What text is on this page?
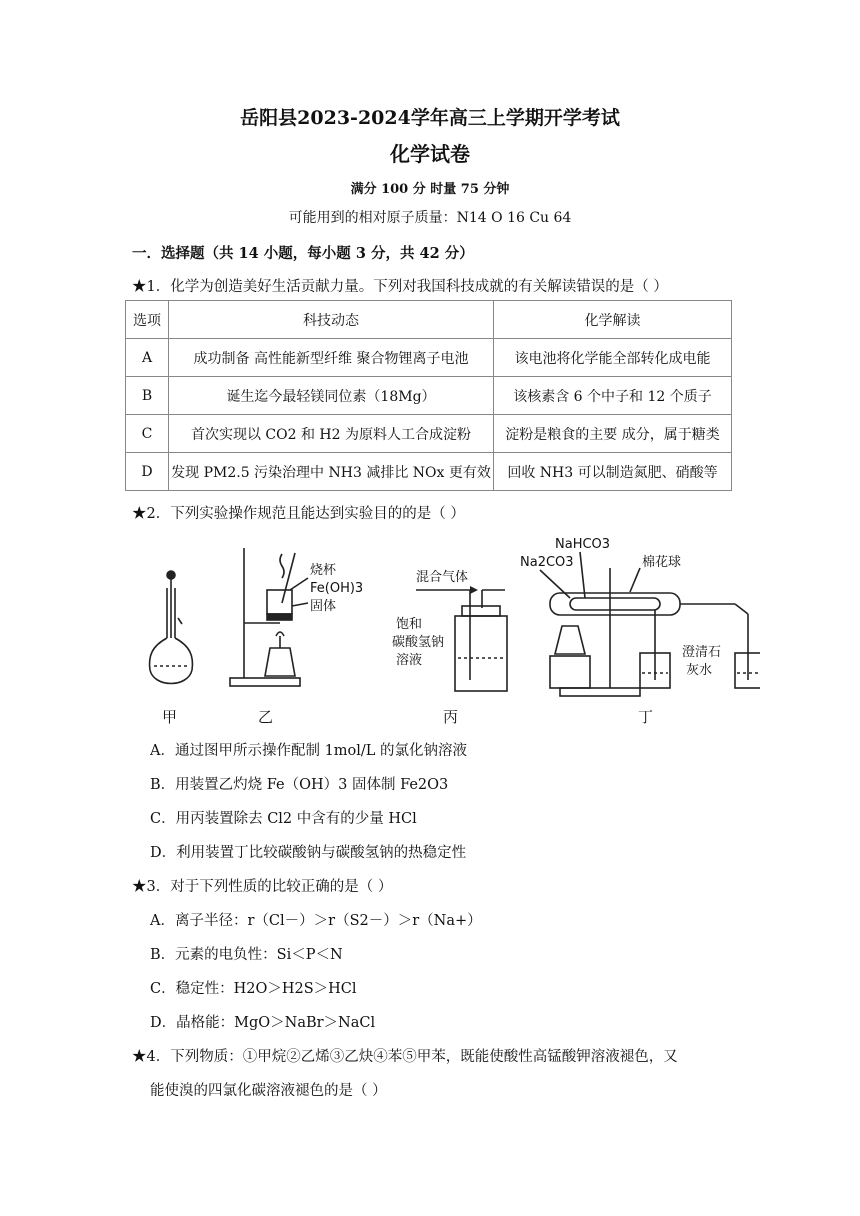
岳阳县2023-2024学年高三上学期开学考试
化学试卷
满分 100 分 时量 75 分钟
可能用到的相对原子质量：N14 O 16 Cu 64
一．选择题（共 14 小题，每小题 3 分，共 42 分）
★1．化学为创造美好生活贡献力量。下列对我国科技成就的有关解读错误的是（ ）
选项	科技动态	化学解读
A	成功制备 高性能新型纤维 聚合物锂离子电池	该电池将化学能全部转化成电能
B	诞生迄今最轻镁同位素（18Mg）	该核素含 6 个中子和 12 个质子
C	首次实现以 CO2 和 H2 为原料人工合成淀粉	淀粉是粮食的主要 成分，属于糖类
D	发现 PM2.5 污染治理中 NH3 减排比 NOx 更有效	回收 NH3 可以制造氮肥、硝酸等
★2．下列实验操作规范且能达到实验目的的是（ ）
烧杯
Fe(OH)3
固体
混合气体
饱和
碳酸氢钠
溶液
Na2CO3
NaHCO3
棉花球
澄清石
灰水
甲	乙	丙	丁
A．通过图甲所示操作配制 1mol/L 的氯化钠溶液
B．用装置乙灼烧 Fe（OH）3 固体制 Fe2O3
C．用丙装置除去 Cl2 中含有的少量 HCl
D．利用装置丁比较碳酸钠与碳酸氢钠的热稳定性
★3．对于下列性质的比较正确的是（ ）
A．离子半径：r（Cl－）＞r（S2－）＞r（Na+）
B．元素的电负性：Si＜P＜N
C．稳定性：H2O＞H2S＞HCl
D．晶格能：MgO＞NaBr＞NaCl
★4．下列物质：①甲烷②乙烯③乙炔④苯⑤甲苯，既能使酸性高锰酸钾溶液褪色，又
能使溴的四氯化碳溶液褪色的是（ ）
